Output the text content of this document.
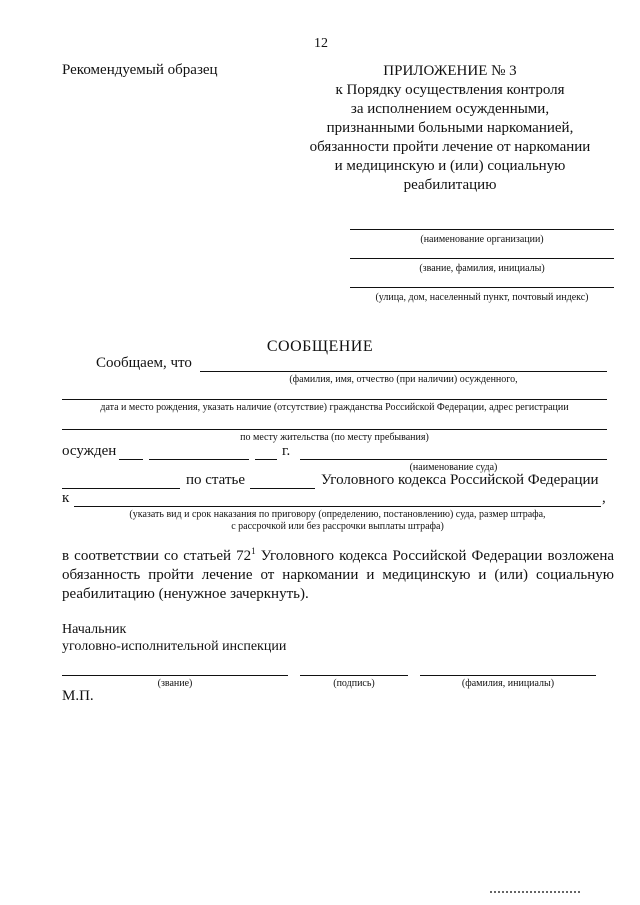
12
Рекомендуемый образец	ПРИЛОЖЕНИЕ № 3
к Порядку осуществления контроля
за исполнением осужденными,
признанными больными наркоманией,
обязанности пройти лечение от наркомании
и медицинскую и (или) социальную
реабилитацию
(наименование организации)
(звание, фамилия, инициалы)
(улица, дом, населенный пункт, почтовый индекс)
СООБЩЕНИЕ
Сообщаем, что
(фамилия, имя, отчество (при наличии) осужденного,
дата и место рождения, указать наличие (отсутствие) гражданства Российской Федерации, адрес регистрации
по месту жительства (по месту пребывания)
осужден	г.
(наименование суда)
по статье	Уголовного кодекса Российской Федерации
к	,
(указать вид и срок наказания по приговору (определению, постановлению) суда, размер штрафа,
с рассрочкой или без рассрочки выплаты штрафа)
в соответствии со статьей $72^1$ Уголовного кодекса Российской Федерации возложена обязанность пройти лечение от наркомании и медицинскую и (или) социальную реабилитацию (ненужное зачеркнуть).
Начальник
уголовно-исполнительной инспекции
(звание)	(подпись)	(фамилия, инициалы)
М.П.
